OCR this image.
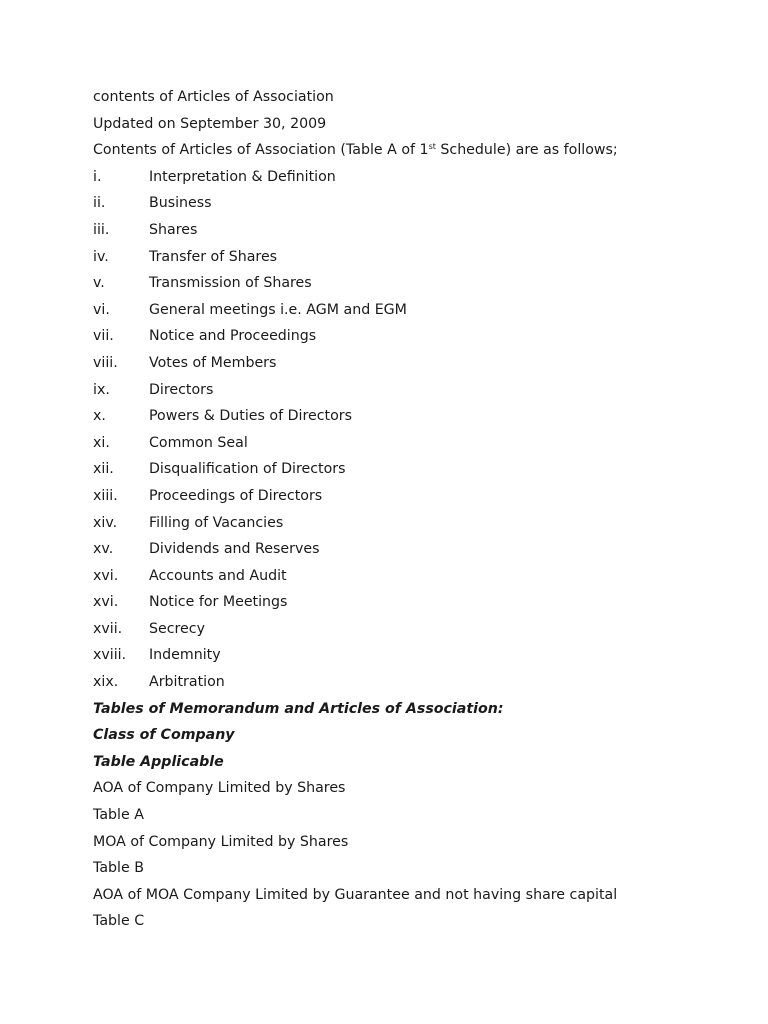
contents of Articles of Association
Updated on September 30, 2009
Contents of Articles of Association (Table A of 1st Schedule) are as follows;
i.	Interpretation & Definition
ii.	Business
iii.	Shares
iv.	Transfer of Shares
v.	Transmission of Shares
vi.	General meetings i.e. AGM and EGM
vii. Notice and Proceedings
viii. Votes of Members
ix.	Directors
x.	Powers & Duties of Directors
xi.	Common Seal
xii. Disqualification of Directors
xiii. Proceedings of Directors
xiv. Filling of Vacancies
xv.	Dividends and Reserves
xvi. Accounts and Audit
xvi. Notice for Meetings
xvii. Secrecy
xviii. Indemnity
xix. Arbitration
Tables of Memorandum and Articles of Association:
Class of Company
Table Applicable
AOA of Company Limited by Shares
Table A
MOA of Company Limited by Shares
Table B
AOA of MOA Company Limited by Guarantee and not having share capital
Table C
